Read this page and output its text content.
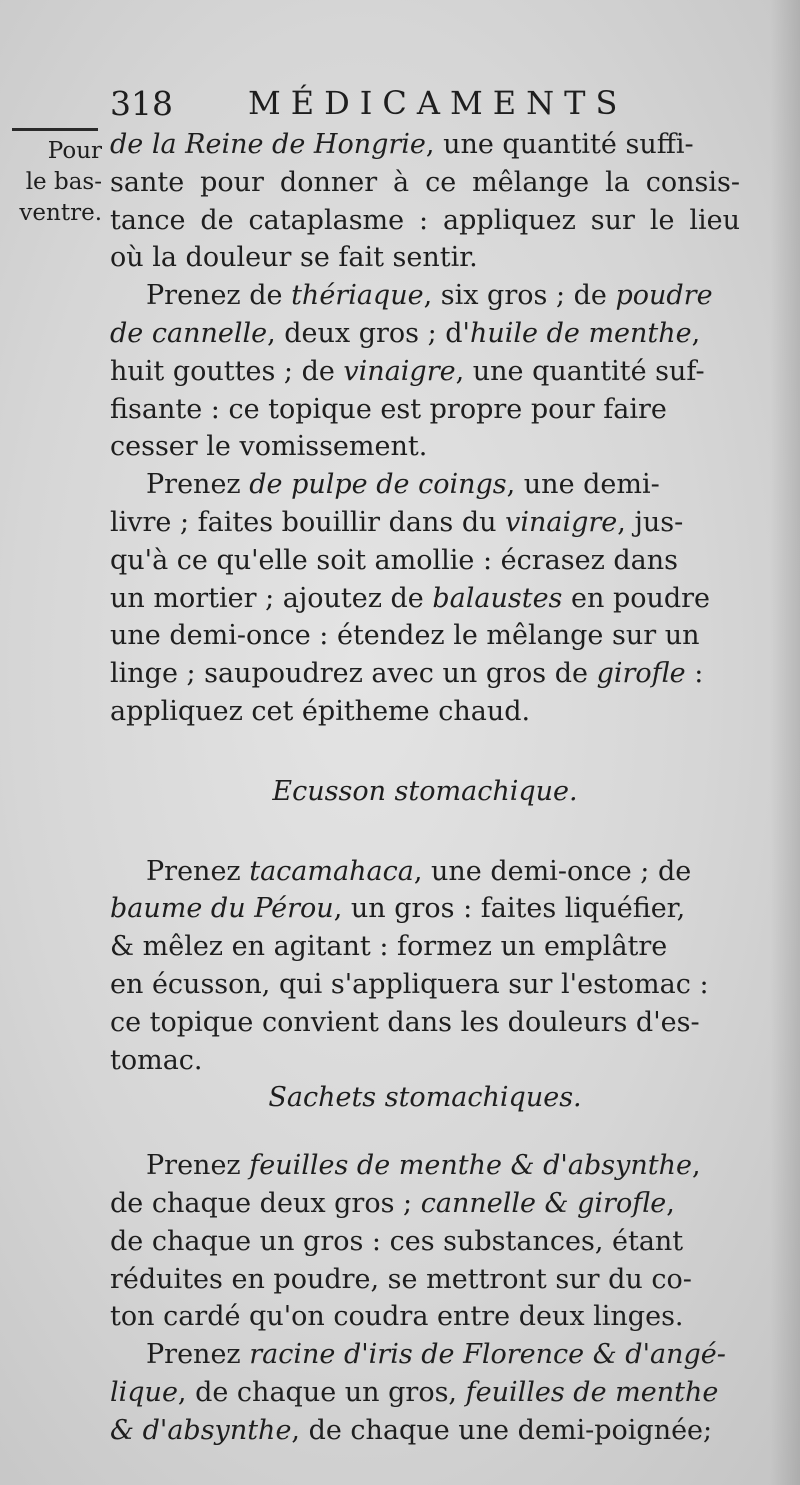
318 MÉDICAMENTS
Pour
le bas-
ventre.
de la Reine de Hongrie, une quantité suffi-
sante pour donner à ce mêlange la consis-
tance de cataplasme : appliquez sur le lieu
où la douleur se fait sentir.
Prenez de thériaque, six gros ; de poudre
de cannelle, deux gros ; d'huile de menthe,
huit gouttes ; de vinaigre, une quantité suf-
fisante : ce topique est propre pour faire
cesser le vomissement.
Prenez de pulpe de coings, une demi-
livre ; faites bouillir dans du vinaigre, jus-
qu'à ce qu'elle soit amollie : écrasez dans
un mortier ; ajoutez de balaustes en poudre
une demi-once : étendez le mêlange sur un
linge ; saupoudrez avec un gros de girofle :
appliquez cet épitheme chaud.
Ecusson stomachique.
Prenez tacamahaca, une demi-once ; de
baume du Pérou, un gros : faites liquéfier,
& mêlez en agitant : formez un emplâtre
en écusson, qui s'appliquera sur l'estomac :
ce topique convient dans les douleurs d'es-
tomac.
Sachets stomachiques.
Prenez feuilles de menthe & d'absynthe,
de chaque deux gros ; cannelle & girofle,
de chaque un gros : ces substances, étant
réduites en poudre, se mettront sur du co-
ton cardé qu'on coudra entre deux linges.
Prenez racine d'iris de Florence & d'angé-
lique, de chaque un gros, feuilles de menthe
& d'absynthe, de chaque une demi-poignée;
